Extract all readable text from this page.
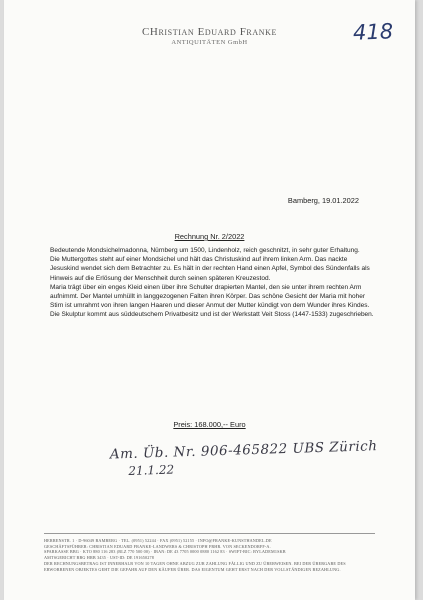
CHristian Eduard Franke
ANTIQUITÄTEN GmbH	418
Bamberg, 19.01.2022
Rechnung Nr. 2/2022
Bedeutende Mondsichelmadonna, Nürnberg um 1500, Lindenholz, reich geschnitzt, in sehr guter Erhaltung.
Die Muttergottes steht auf einer Mondsichel und hält das Christuskind auf ihrem linken Arm. Das nackte Jesuskind wendet sich dem Betrachter zu. Es hält in der rechten Hand einen Apfel, Symbol des Sündenfalls als Hinweis auf die Erlösung der Menschheit durch seinen späteren Kreuzestod.
Maria trägt über ein enges Kleid einen über ihre Schulter drapierten Mantel, den sie unter ihrem rechten Arm aufnimmt. Der Mantel umhüllt in langgezogenen Falten ihren Körper. Das schöne Gesicht der Maria mit hoher Stirn ist umrahmt von ihren langen Haaren und dieser Anmut der Mutter kündigt von dem Wunder ihres Kindes.
Die Skulptur kommt aus süddeutschem Privatbesitz und ist der Werkstatt Veit Stoss (1447-1533) zugeschrieben.
Preis: 168.000,-- Euro
Am. Üb. Nr. 906-465822 UBS Zürich
21.1.22
HERRENSTR. 1 · D-96049 BAMBERG · TEL. (0951) 52244 · FAX (0951) 52155 · INFO@FRANKE-KUNSTHANDEL.DE
GESCHÄFTSFÜHRER: CHRISTIAN EDUARD FRANKE-LANDWERS & CHRISTOPH FRHR. VON SECKENDORFF-A.
SPARKASSE BBG · KTO 880 116 283 (BLZ 770 500 00) · IBAN: DE 43 7705 0000 0880 1162 83 · SWIFT-BIC: BYLADEM1SKB
AMTSGERICHT BBG HRB 3435 · UST-ID: DE 191650278
DER RECHNUNGSBETRAG IST INNERHALB VON 10 TAGEN OHNE ABZUG ZUR ZAHLUNG FÄLLIG UND ZU ÜBERWEISEN. BEI DER ÜBERGABE DES
ERWORBENEN OBJEKTES GEHT DIE GEFAHR AUF DEN KÄUFER ÜBER. DAS EIGENTUM GEHT ERST NACH DER VOLLSTÄNDIGEN BEZAHLUNG.
